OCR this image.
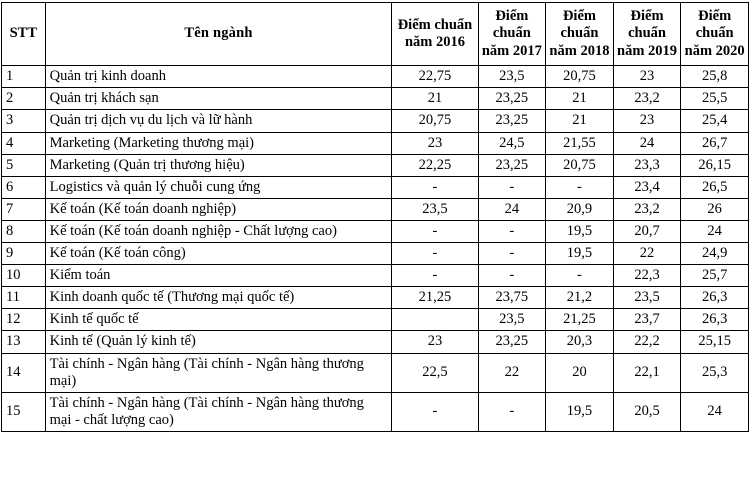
STT	Tên ngành	Điểm chuẩn năm 2016	Điểm chuẩn năm 2017	Điểm chuẩn năm 2018	Điểm chuẩn năm 2019	Điểm chuẩn năm 2020
1	Quản trị kinh doanh	22,75	23,5	20,75	23	25,8
2	Quản trị khách sạn	21	23,25	21	23,2	25,5
3	Quản trị dịch vụ du lịch và lữ hành	20,75	23,25	21	23	25,4
4	Marketing (Marketing thương mại)	23	24,5	21,55	24	26,7
5	Marketing (Quản trị thương hiệu)	22,25	23,25	20,75	23,3	26,15
6	Logistics và quản lý chuỗi cung ứng	-	-	-	23,4	26,5
7	Kế toán (Kế toán doanh nghiệp)	23,5	24	20,9	23,2	26
8	Kế toán (Kế toán doanh nghiệp - Chất lượng cao)	-	-	19,5	20,7	24
9	Kế toán (Kế toán công)	-	-	19,5	22	24,9
10	Kiểm toán	-	-	-	22,3	25,7
11	Kinh doanh quốc tế (Thương mại quốc tế)	21,25	23,75	21,2	23,5	26,3
12	Kinh tế quốc tế		23,5	21,25	23,7	26,3
13	Kinh tế (Quản lý kinh tế)	23	23,25	20,3	22,2	25,15
14	Tài chính - Ngân hàng (Tài chính - Ngân hàng thương mại)	22,5	22	20	22,1	25,3
15	Tài chính - Ngân hàng (Tài chính - Ngân hàng thương mại - chất lượng cao)	-	-	19,5	20,5	24
